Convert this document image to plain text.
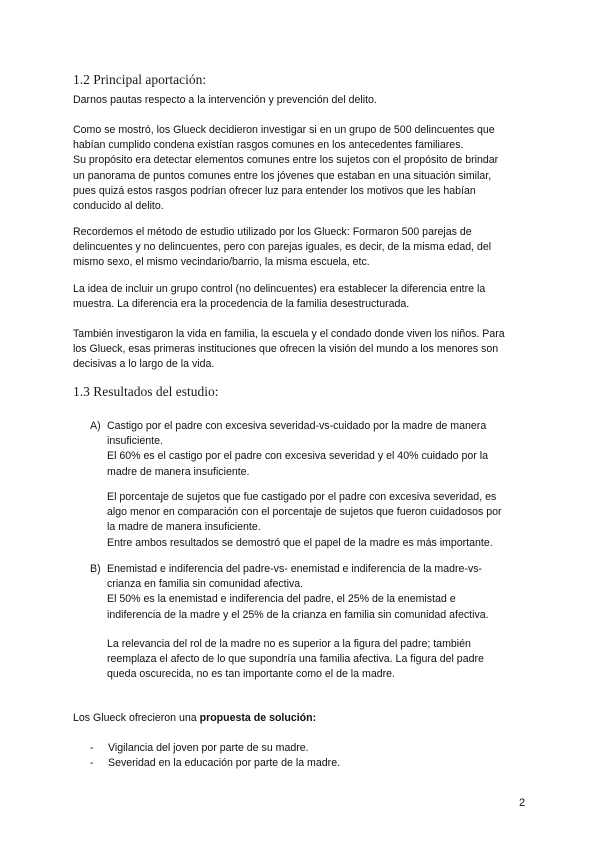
1.2 Principal aportación:

Darnos pautas respecto a la intervención y prevención del delito.

Como se mostró, los Glueck decidieron investigar si en un grupo de 500 delincuentes que
habían cumplido condena existían rasgos comunes en los antecedentes familiares.
Su propósito era detectar elementos comunes entre los sujetos con el propósito de brindar
un panorama de puntos comunes entre los jóvenes que estaban en una situación similar,
pues quizá estos rasgos podrían ofrecer luz para entender los motivos que les habían
conducido al delito.

Recordemos el método de estudio utilizado por los Glueck: Formaron 500 parejas de
delincuentes y no delincuentes, pero con parejas iguales, es decir, de la misma edad, del
mismo sexo, el mismo vecindario/barrio, la misma escuela, etc.

La idea de incluir un grupo control (no delincuentes) era establecer la diferencia entre la
muestra. La diferencia era la procedencia de la familia desestructurada.

También investigaron la vida en familia, la escuela y el condado donde viven los niños. Para
los Glueck, esas primeras instituciones que ofrecen la visión del mundo a los menores son
decisivas a lo largo de la vida.

1.3 Resultados del estudio:
A) Castigo por el padre con excesiva severidad-vs-cuidado por la madre de manera
insuficiente.
El 60% es el castigo por el padre con excesiva severidad y el 40% cuidado por la
madre de manera insuficiente.

El porcentaje de sujetos que fue castigado por el padre con excesiva severidad, es
algo menor en comparación con el porcentaje de sujetos que fueron cuidadosos por
la madre de manera insuficiente.
Entre ambos resultados se demostró que el papel de la madre es más importante.

B) Enemistad e indiferencia del padre-vs- enemistad e indiferencia de la madre-vs-
crianza en familia sin comunidad afectiva.
El 50% es la enemistad e indiferencia del padre, el 25% de la enemistad e
indiferencia de la madre y el 25% de la crianza en familia sin comunidad afectiva.

La relevancia del rol de la madre no es superior a la figura del padre; también
reemplaza el afecto de lo que supondría una familia afectiva. La figura del padre
queda oscurecida, no es tan importante como el de la madre.

Los Glueck ofrecieron una propuesta de solución:

- Vigilancia del joven por parte de su madre.
- Severidad en la educación por parte de la madre.
2
